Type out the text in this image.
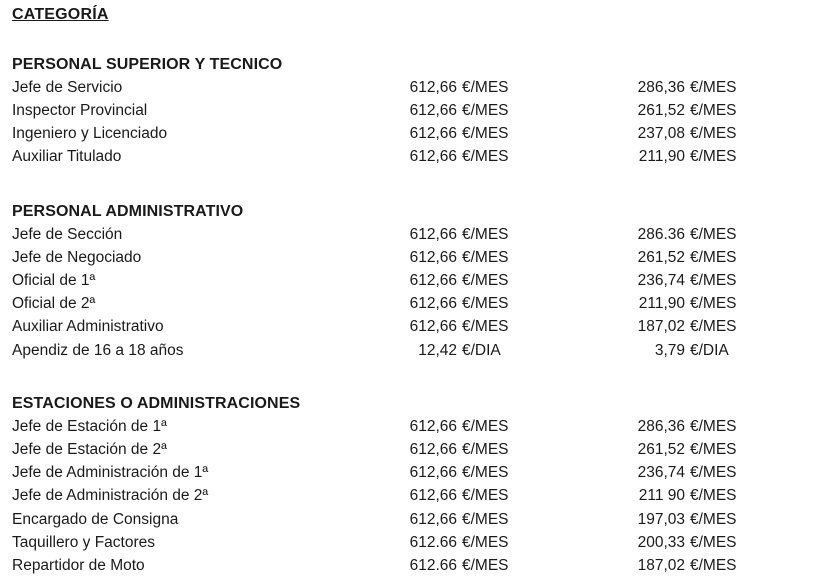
CATEGORÍA
PERSONAL SUPERIOR Y TECNICO
Jefe de Servicio	612,66 €/MES	286,36 €/MES
Inspector Provincial	612,66 €/MES	261,52 €/MES
Ingeniero y Licenciado	612,66 €/MES	237,08 €/MES
Auxiliar Titulado	612,66 €/MES	211,90 €/MES
PERSONAL ADMINISTRATIVO
Jefe de Sección	612,66 €/MES	286.36 €/MES
Jefe de Negociado	612,66 €/MES	261,52 €/MES
Oficial de 1ª	612,66 €/MES	236,74 €/MES
Oficial de 2ª	612,66 €/MES	211,90 €/MES
Auxiliar Administrativo	612,66 €/MES	187,02 €/MES
Apendiz de 16 a 18 años	12,42 €/DIA	3,79 €/DIA
ESTACIONES O ADMINISTRACIONES
Jefe de Estación de 1ª	612,66 €/MES	286,36 €/MES
Jefe de Estación de 2ª	612,66 €/MES	261,52 €/MES
Jefe de Administración de 1ª	612,66 €/MES	236,74 €/MES
Jefe de Administración de 2ª	612,66 €/MES	211 90 €/MES
Encargado de Consigna	612,66 €/MES	197,03 €/MES
Taquillero y Factores	612.66 €/MES	200,33 €/MES
Repartidor de Moto	612.66 €/MES	187,02 €/MES
